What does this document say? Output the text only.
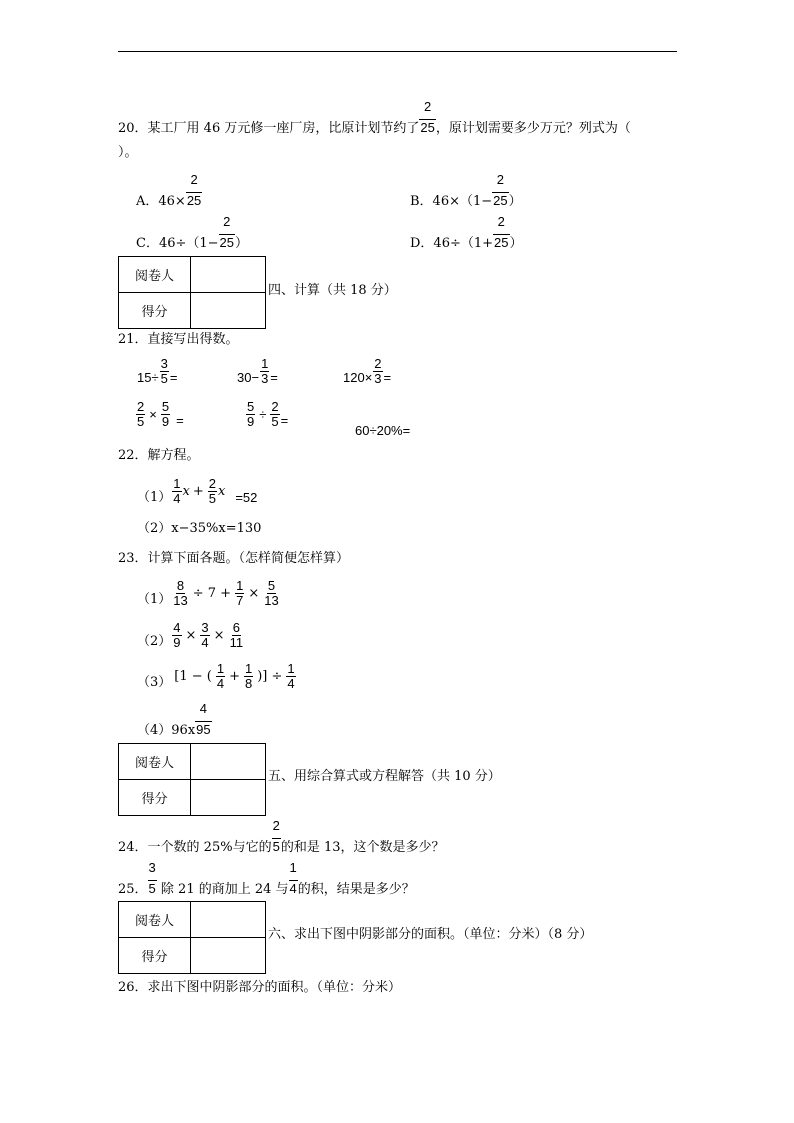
20．某工厂用 46 万元修一座厂房，比原计划节约了 $\frac{2}{25}$，原计划需要多少万元？列式为（
）。
A．$46\times \frac{2}{25}$	B．$46\times(1- \frac{2}{25})$
C．$46\div(1- \frac{2}{25})$	D．$46\div(1+ \frac{2}{25})$
阅卷人	
得分	
四、计算（共 18 分）
21．直接写出得数。
$15\div \frac{3}{5}$ =	$30- \frac{1}{3}$ =	$120\times \frac{2}{3}$ =
$\frac{2}{5} \times \frac{5}{9}$ =	$\frac{5}{9} \div \frac{2}{5}$ =
60÷20%=
22．解方程。
$(1) \frac{1}{4}$ $x + \frac{2}{5}$ x =52
（2）x−35%x=130
23．计算下面各题。（怎样简便怎样算）
$(1) \frac{8}{13} \div 7 + \frac{1}{7} \times \frac{5}{13}$
$(2) \frac{4}{9} \times \frac{3}{4} \times \frac{6}{11}$
（3） [1 − ( $\frac{1}{4} + \frac{1}{8}$ )] ÷ $\frac{1}{4}$
$(4)96x \frac{4}{95}$
阅卷人	
得分	
五、用综合算式或方程解答（共 10 分）
24．一个数的 25%与它的 $\frac{2}{5}$的和是 13，这个数是多少？
25． $\frac{3}{5}$ 除 21 的商加上 24 与 $\frac{1}{4}$的积，结果是多少？
阅卷人	
得分	
六、求出下图中阴影部分的面积。（单位：分米）（8 分）
26．求出下图中阴影部分的面积。（单位：分米）
